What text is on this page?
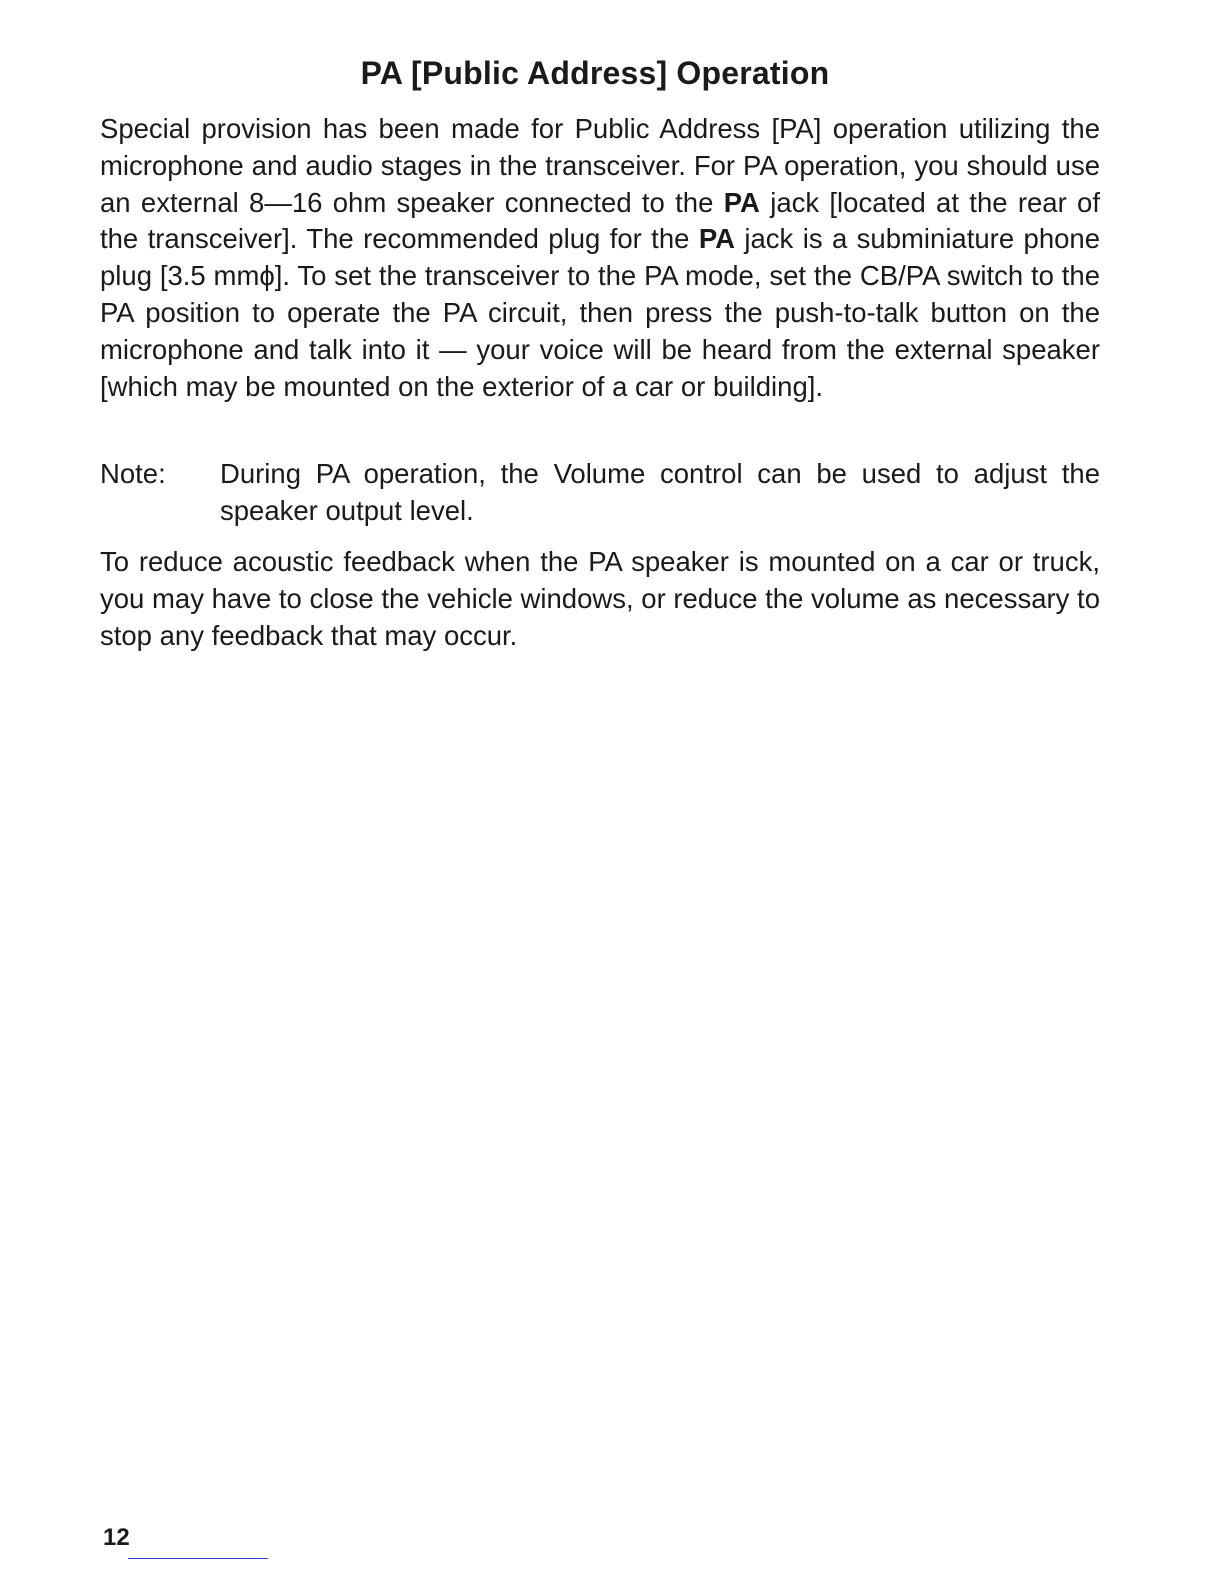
PA [Public Address] Operation

Special provision has been made for Public Address [PA] operation utilizing the microphone and audio stages in the transceiver. For PA operation, you should use an external 8—16 ohm speaker connected to the PA jack [located at the rear of the transceiver]. The recommended plug for the PA jack is a subminiature phone plug [3.5 mmϕ]. To set the transceiver to the PA mode, set the CB/PA switch to the PA position to operate the PA circuit, then press the push-to-talk button on the microphone and talk into it — your voice will be heard from the external speaker [which may be mounted on the exterior of a car or building].

Note:	During PA operation, the Volume control can be used to adjust the speaker output level.

To reduce acoustic feedback when the PA speaker is mounted on a car or truck, you may have to close the vehicle windows, or reduce the volume as necessary to stop any feedback that may occur.

12
